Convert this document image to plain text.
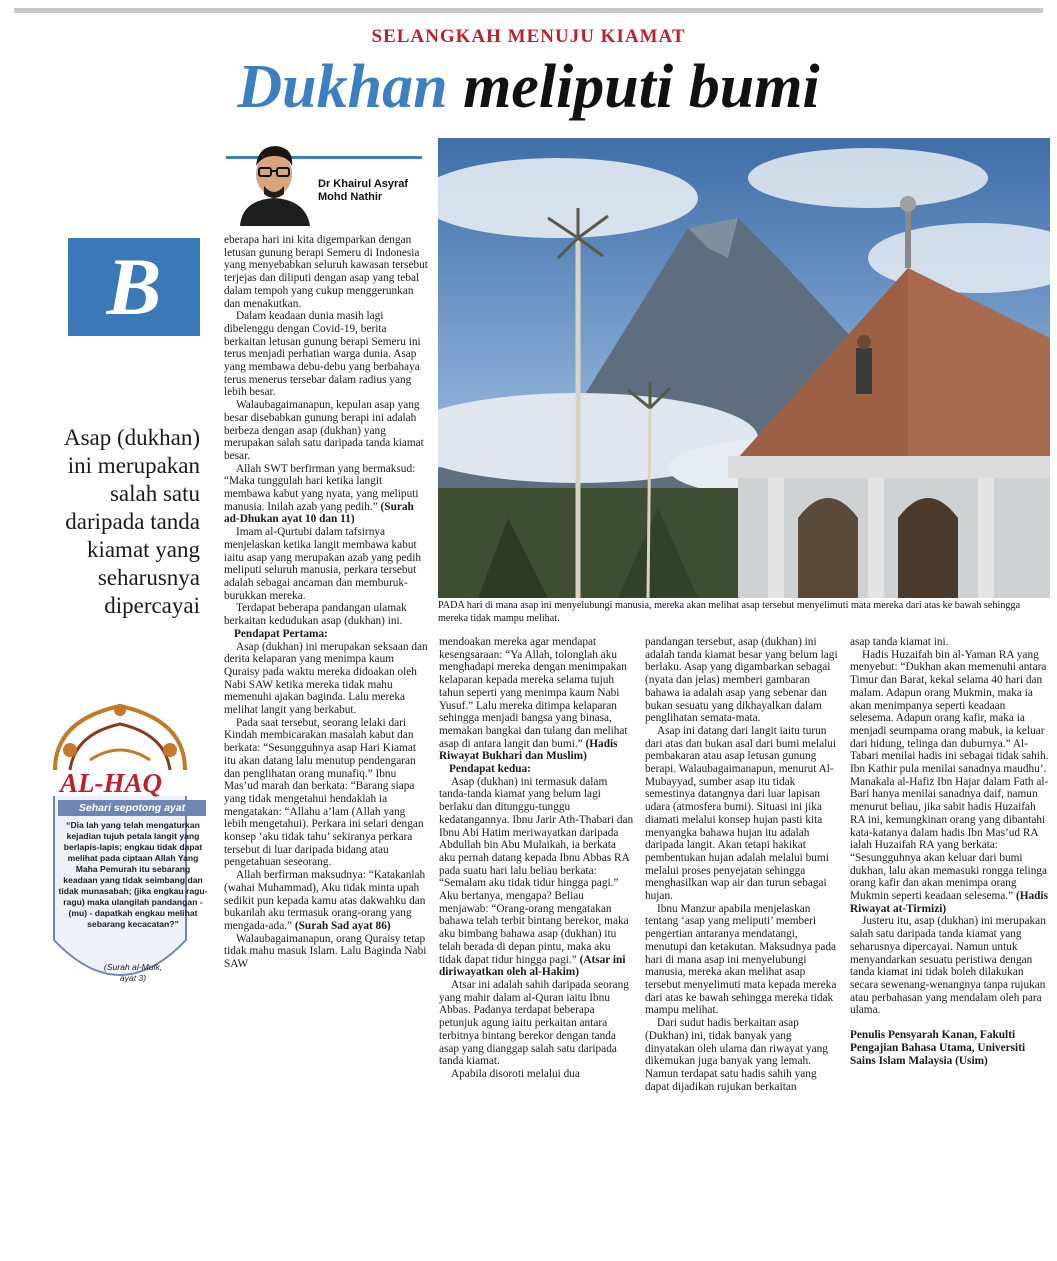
SELANGKAH MENUJU KIAMAT
Dukhan meliputi bumi
Dr Khairul Asyraf
Mohd Nathir
B
Asap (dukhan) ini merupakan salah satu daripada tanda kiamat yang seharusnya dipercayai
AL-HAQ
Sehari sepotong ayat
“Dia lah yang telah mengaturkan kejadian tujuh petala langit yang berlapis-lapis; engkau tidak dapat melihat pada ciptaan Allah Yang Maha Pemurah itu sebarang keadaan yang tidak seimbang dan tidak munasabah; (jika engkau ragu-ragu) maka ulangilah pandangan - (mu) - dapatkah engkau melihat sebarang kecacatan?”
(Surah al-Mulk,
ayat 3)
PADA hari di mana asap ini menyelubungi manusia, mereka akan melihat asap tersebut menyelimuti mata mereka dari atas ke bawah sehingga mereka tidak mampu melihat.

eberapa hari ini kita digemparkan dengan letusan gunung berapi Semeru di Indonesia yang menyebabkan seluruh kawasan tersebut terjejas dan diliputi dengan asap yang tebal dalam tempoh yang cukup menggerunkan dan menakutkan.

Dalam keadaan dunia masih lagi dibelenggu dengan Covid-19, berita berkaitan letusan gunung berapi Semeru ini terus menjadi perhatian warga dunia. Asap yang membawa debu-debu yang berbahaya terus menerus tersebar dalam radius yang lebih besar.

Walaubagaimanapun, kepulan asap yang besar disebabkan gunung berapi ini adalah berbeza dengan asap (dukhan) yang merupakan salah satu daripada tanda kiamat besar.

Allah SWT berfirman yang bermaksud: “Maka tunggulah hari ketika langit membawa kabut yang nyata, yang meliputi manusia. Inilah azab yang pedih.” (Surah ad-Dhukan ayat 10 dan 11)

Imam al-Qurtubi dalam tafsirnya menjelaskan ketika langit membawa kabut iaitu asap yang merupakan azab yang pedih meliputi seluruh manusia, perkara tersebut adalah sebagai ancaman dan memburuk-burukkan mereka.

Terdapat beberapa pandangan ulamak berkaitan kedudukan asap (dukhan) ini.

Pendapat Pertama:

Asap (dukhan) ini merupakan seksaan dan derita kelaparan yang menimpa kaum Quraisy pada waktu mereka didoakan oleh Nabi SAW ketika mereka tidak mahu memenuhi ajakan baginda. Lalu mereka melihat langit yang berkabut.

Pada saat tersebut, seorang lelaki dari Kindah membicarakan masalah kabut dan berkata: “Sesungguhnya asap Hari Kiamat itu akan datang lalu menutup pendengaran dan penglihatan orang munafiq.” Ibnu Mas’ud marah dan berkata: “Barang siapa yang tidak mengetahui hendaklah ia mengatakan: “Allahu a’lam (Allah yang lebih mengetahui). Perkara ini selari dengan konsep ‘aku tidak tahu’ sekiranya perkara tersebut di luar daripada bidang atau pengetahuan seseorang.

Allah berfirman maksudnya: “Katakanlah (wahai Muhammad), Aku tidak minta upah sedikit pun kepada kamu atas dakwahku dan bukanlah aku termasuk orang-orang yang mengada-ada.” (Surah Sad ayat 86)

Walaubagaimanapun, orang Quraisy tetap tidak mahu masuk Islam. Lalu Baginda Nabi SAW

mendoakan mereka agar mendapat kesengsaraan: “Ya Allah, tolonglah aku menghadapi mereka dengan menimpakan kelaparan kepada mereka selama tujuh tahun seperti yang menimpa kaum Nabi Yusuf.” Lalu mereka ditimpa kelaparan sehingga menjadi bangsa yang binasa, memakan bangkai dan tulang dan melihat asap di antara langit dan bumi.” (Hadis Riwayat Bukhari dan Muslim)

Pendapat kedua:

Asap (dukhan) ini termasuk dalam tanda-tanda kiamat yang belum lagi berlaku dan ditunggu-tunggu kedatangannya. Ibnu Jarir Ath-Thabari dan Ibnu Abi Hatim meriwayatkan daripada Abdullah bin Abu Mulaikah, ia berkata aku pernah datang kepada Ibnu Abbas RA pada suatu hari lalu beliau berkata: “Semalam aku tidak tidur hingga pagi.” Aku bertanya, mengapa? Beliau menjawab: “Orang-orang mengatakan bahawa telah terbit bintang berekor, maka aku bimbang bahawa asap (dukhan) itu telah berada di depan pintu, maka aku tidak dapat tidur hingga pagi.” (Atsar ini diriwayatkan oleh al-Hakim)

Atsar ini adalah sahih daripada seorang yang mahir dalam al-Quran iaitu Ibnu Abbas. Padanya terdapat beberapa petunjuk agung iaitu perkaitan antara terbitnya bintang berekor dengan tanda asap yang dianggap salah satu daripada tanda kiamat.

Apabila disoroti melalui dua

pandangan tersebut, asap (dukhan) ini adalah tanda kiamat besar yang belum lagi berlaku. Asap yang digambarkan sebagai (nyata dan jelas) memberi gambaran bahawa ia adalah asap yang sebenar dan bukan sesuatu yang dikhayalkan dalam penglihatan semata-mata.

Asap ini datang dari langit iaitu turun dari atas dan bukan asal dari bumi melalui pembakaran atau asap letusan gunung berapi. Walaubagaimanapun, menurut Al-Mubayyad, sumber asap itu tidak semestinya datangnya dari luar lapisan udara (atmosfera bumi). Situasi ini jika diamati melalui konsep hujan pasti kita menyangka bahawa hujan itu adalah daripada langit. Akan tetapi hakikat pembentukan hujan adalah melalui bumi melalui proses penyejatan sehingga menghasilkan wap air dan turun sebagai hujan.

Ibnu Manzur apabila menjelaskan tentang ‘asap yang meliputi’ memberi pengertian antaranya mendatangi, menutupi dan ketakutan. Maksudnya pada hari di mana asap ini menyelubungi manusia, mereka akan melihat asap tersebut menyelimuti mata kepada mereka dari atas ke bawah sehingga mereka tidak mampu melihat.

Dari sudut hadis berkaitan asap (Dukhan) ini, tidak banyak yang dinyatakan oleh ulama dan riwayat yang dikemukan juga banyak yang lemah. Namun terdapat satu hadis sahih yang dapat dijadikan rujukan berkaitan

asap tanda kiamat ini.

Hadis Huzaifah bin al-Yaman RA yang menyebut: “Dukhan akan memenuhi antara Timur dan Barat, kekal selama 40 hari dan malam. Adapun orang Mukmin, maka ia akan menimpanya seperti keadaan selesema. Adapun orang kafir, maka ia menjadi seumpama orang mabuk, ia keluar dari hidung, telinga dan duburnya.” Al-Tabari menilai hadis ini sebagai tidak sahih. Ibn Kathir pula menilai sanadnya maudhu’. Manakala al-Hafiz Ibn Hajar dalam Fath al-Bari hanya menilai sanadnya daif, namun menurut beliau, jika sabit hadis Huzaifah RA ini, kemungkinan orang yang dibantahi kata-katanya dalam hadis Ibn Mas’ud RA ialah Huzaifah RA yang berkata: “Sesungguhnya akan keluar dari bumi dukhan, lalu akan memasuki rongga telinga orang kafir dan akan menimpa orang Mukmin seperti keadaan selesema.” (Hadis Riwayat at-Tirmizi)

Justeru itu, asap (dukhan) ini merupakan salah satu daripada tanda kiamat yang seharusnya dipercayai. Namun untuk menyandarkan sesuatu peristiwa dengan tanda kiamat ini tidak boleh dilakukan secara sewenang-wenangnya tanpa rujukan atau perbahasan yang mendalam oleh para ulama.

Penulis Pensyarah Kanan, Fakulti Pengajian Bahasa Utama, Universiti Sains Islam Malaysia (Usim)
